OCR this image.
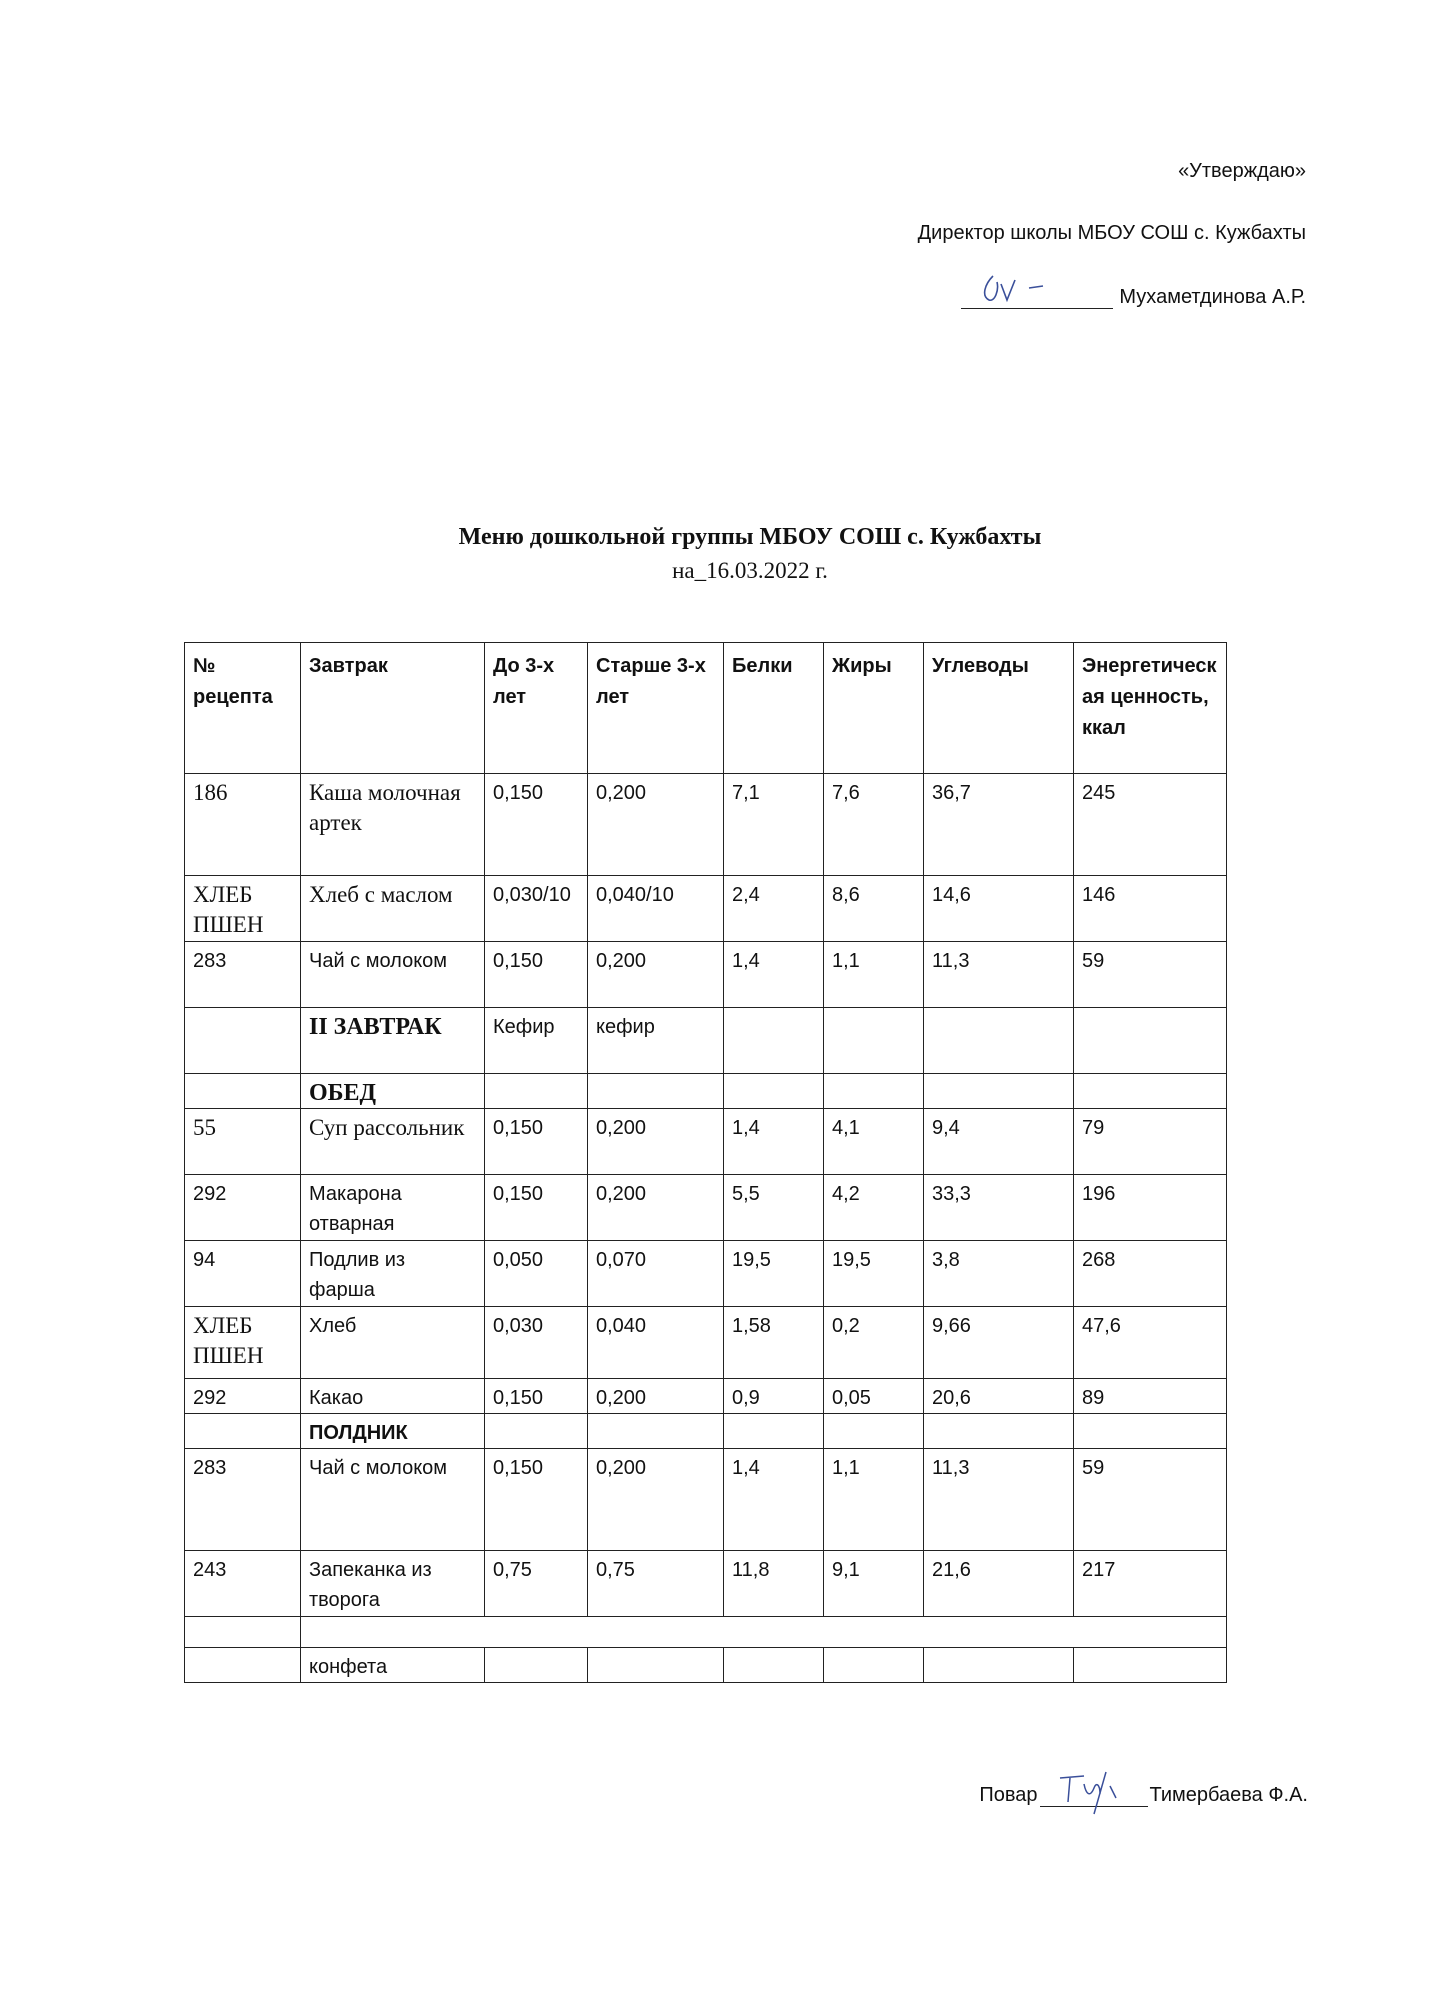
«Утверждаю»
Директор школы МБОУ СОШ с. Кужбахты
Мухаметдинова А.Р.
Меню дошкольной группы МБОУ СОШ с. Кужбахты
на_16.03.2022 г.
№ рецепта	Завтрак	До 3-х лет	Старше 3-х лет	Белки	Жиры	Углеводы	Энергетическая ценность, ккал
186	Каша молочная артек	0,150	0,200	7,1	7,6	36,7	245
ХЛЕБ ПШЕН	Хлеб с маслом	0,030/10	0,040/10	2,4	8,6	14,6	146
283	Чай с молоком	0,150	0,200	1,4	1,1	11,3	59
	II ЗАВТРАК	Кефир	кефир				
	ОБЕД						
55	Суп рассольник	0,150	0,200	1,4	4,1	9,4	79
292	Макарона отварная	0,150	0,200	5,5	4,2	33,3	196
94	Подлив из фарша	0,050	0,070	19,5	19,5	3,8	268
ХЛЕБ ПШЕН	Хлеб	0,030	0,040	1,58	0,2	9,66	47,6
292	Какао	0,150	0,200	0,9	0,05	20,6	89
	ПОЛДНИК						
283	Чай с молоком	0,150	0,200	1,4	1,1	11,3	59
243	Запеканка из творога	0,75	0,75	11,8	9,1	21,6	217

	конфета						
Повар	Тимербаева Ф.А.
